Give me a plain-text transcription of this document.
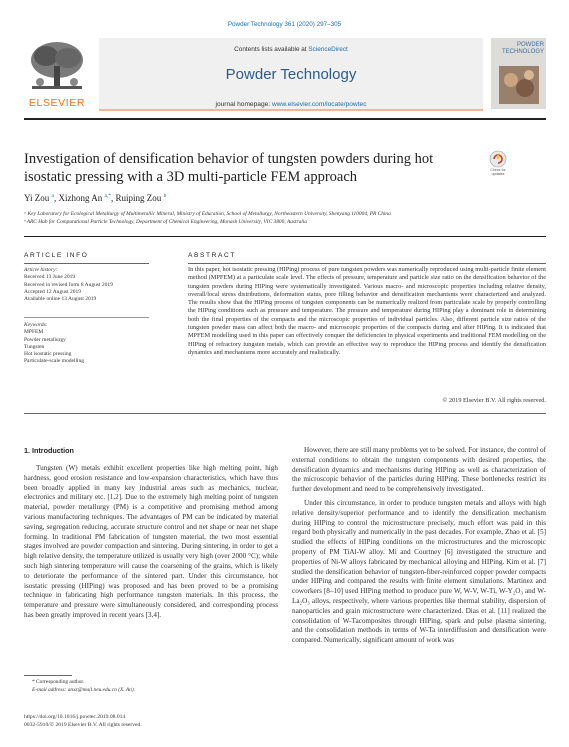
Powder Technology 361 (2020) 297–305
ELSEVIER
Contents lists available at ScienceDirect
Powder Technology
journal homepage: www.elsevier.com/locate/powtec
POWDER TECHNOLOGY
Investigation of densification behavior of tungsten powders during hot isostatic pressing with a 3D multi-particle FEM approach	Check for updates
Yi Zou $^a$, Xizhong An $^{a,*}$, Ruiping Zou $^b$
ᵃ Key Laboratory for Ecological Metallurgy of Multimetallic Mineral, Ministry of Education, School of Metallurgy, Northeastern University, Shenyang 110004, PR China
ᵇ ARC Hub for Computational Particle Technology, Department of Chemical Engineering, Monash University, VIC 3800, Australia
ARTICLE INFO
Article history:
Received 13 June 2019
Received in revised form 8 August 2019
Accepted 12 August 2019
Available online 13 August 2019
Keywords:
MPFEM
Powder metallurgy
Tungsten
Hot isostatic pressing
Particulate-scale modelling
ABSTRACT
In this paper, hot isostatic pressing (HIPing) process of pure tungsten powders was numerically reproduced using multi-particle finite element method (MPFEM) at a particulate scale level. The effects of pressure, temperature and particle size ratio on the densification behavior of the tungsten powders during HIPing were systematically investigated. Various macro- and microscopic properties including relative density, overall/local stress distributions, deformation status, pore filling behavior and densification mechanisms were characterized and analyzed. The results show that the HIPing process of tungsten components can be numerically realized from particulate scale by properly controlling the HIPing conditions such as pressure and temperature. The pressure and temperature during HIPing play a dominant role in determining both the final properties of the compacts and the microscopic properties of individual particles. Also, different particle size ratios of the tungsten powder mass can affect both the macro- and microscopic properties of the compacts during and after HIPing. It is indicated that MPFEM modelling used in this paper can effectively conquer the deficiencies in physical experiments and traditional FEM modelling on the HIPing of refractory tungsten metals, which can provide an effective way to reproduce the HIPing process and identify the densification dynamics and mechanisms more accurately and realistically.
© 2019 Elsevier B.V. All rights reserved.
1. Introduction

Tungsten (W) metals exhibit excellent properties like high melting point, high hardness, good erosion resistance and low-expansion characteristics, which have thus been broadly applied in many key industrial areas such as mechanics, nuclear, electronics and military etc. [1,2]. Due to the extremely high melting point of tungsten material, powder metallurgy (PM) is a competitive and promising method among various manufacturing techniques. The advantages of PM can be indicated by material saving, segregation reducing, accurate structure control and net shape or near net shape forming. In traditional PM fabrication of tungsten material, the two most essential stages involved are powder compaction and sintering. During sintering, in order to get a high relative density, the temperature utilized is usually very high (over 2000 °C); while such high sintering temperature will cause the coarsening of the grains, which is likely to deteriorate the performance of the sintered part. Under this circumstance, hot isostatic pressing (HIPing) was proposed and has been proved to be a promising technique in fabricating high performance tungsten materials. In this process, the temperature and pressure were simultaneously considered, and corresponding process has been greatly improved in recent years [3,4].

However, there are still many problems yet to be solved. For instance, the control of external conditions to obtain the tungsten components with desired properties, the densification dynamics and mechanisms during HIPing as well as characterization of the microscopic behavior of the particles during HIPing. These bottlenecks restrict its further development and need to be comprehensively investigated.

Under this circumstance, in order to produce tungsten metals and alloys with high relative density/superior performance and to identify the densification mechanism during HIPing to control the microstructure precisely, much effort was paid in this regard both physically and numerically in the past decades. For example, Zhao et al. [5] studied the effects of HIPing conditions on the microstructures and the microscopic property of PM TiAl-W alloy. Mi and Courtney [6] investigated the structure and properties of Ni-W alloys fabricated by mechanical alloying and HIPing. Kim et al. [7] studied the densification behavior of tungsten-fiber-reinforced copper powder compacts under HIPing and compared the results with finite element simulations. Martinez and coworkers [8–10] used HIPing method to produce pure W, W-V, W-Ti, W-Y₂O₃ and W-La₂O₃ alloys, respectively, where various properties like thermal stability, dispersion of nanoparticles and grain microstructure were characterized. Dias et al. [11] realized the consolidation of W-Tacomposites through HIPing, spark and pulse plasma sintering, and the consolidation methods in terms of W-Ta interdiffusion and densification were compared. Numerically, significant amount of work was

* Corresponding author.
E-mail address: anxz@mail.neu.edu.cn (X. An).
https://doi.org/10.1016/j.powtec.2019.08.014
0032-5910/© 2019 Elsevier B.V. All rights reserved.
